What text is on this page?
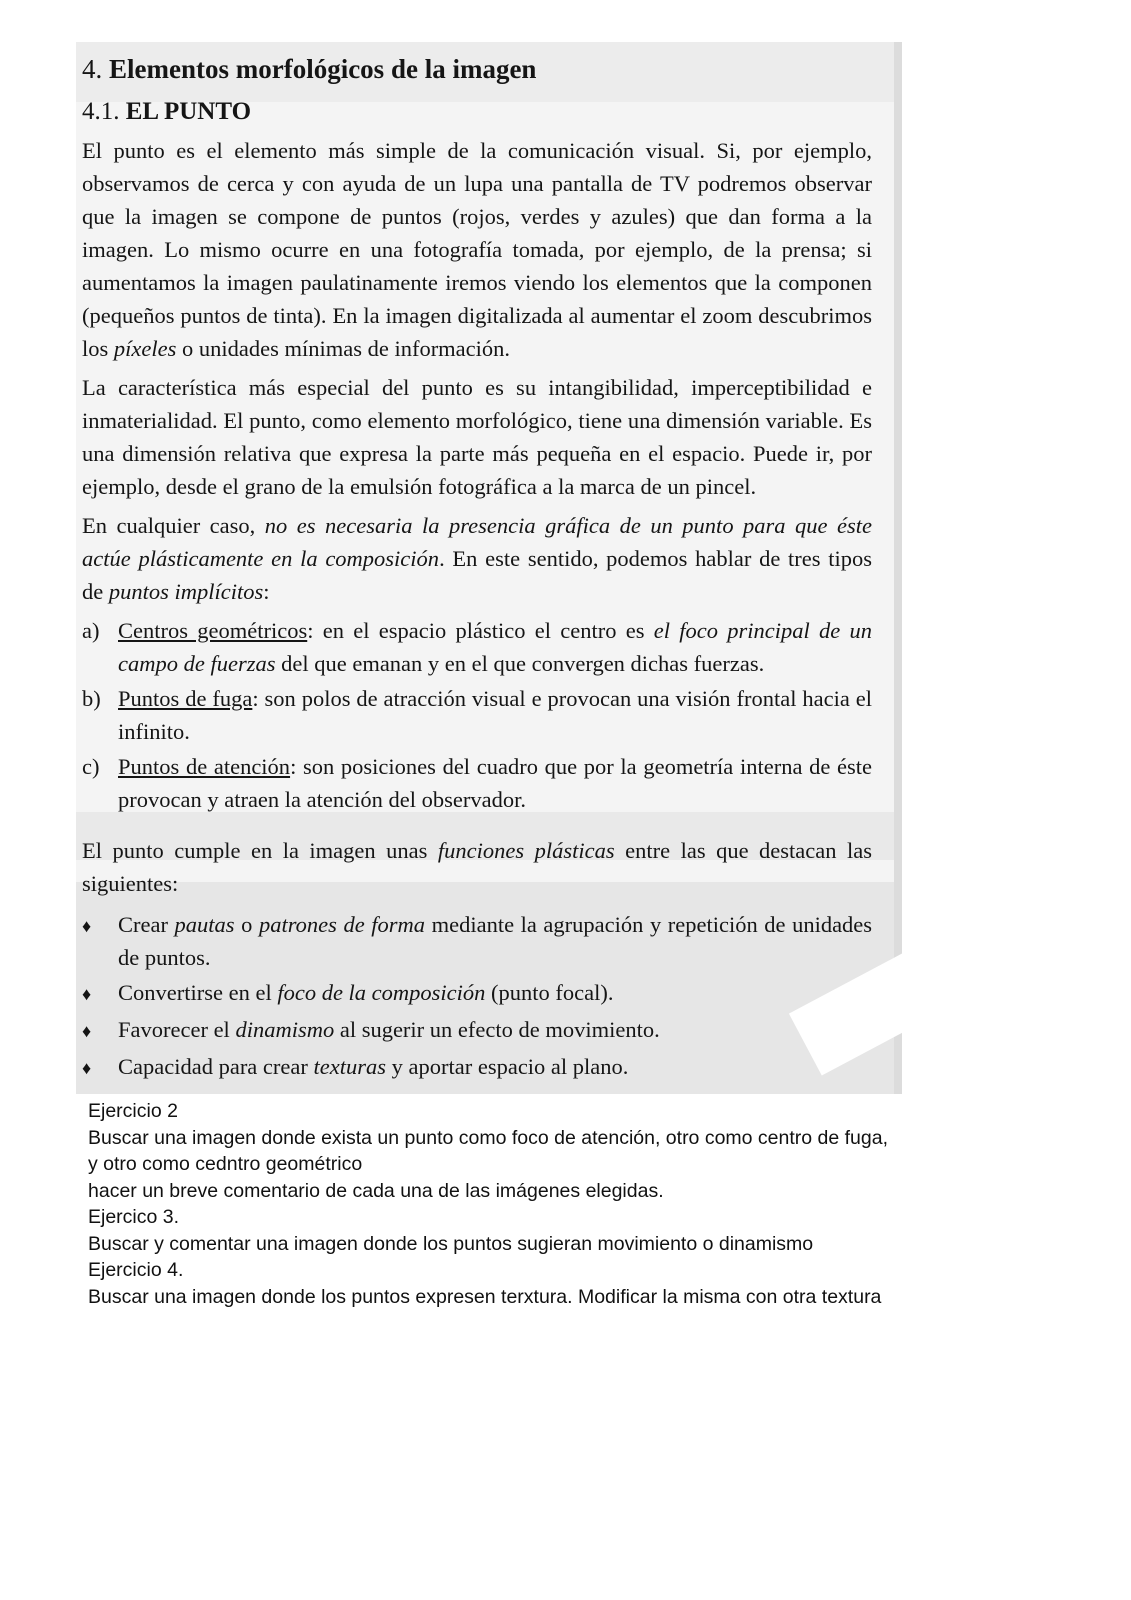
4. Elementos morfológicos de la imagen
4.1. EL PUNTO

El punto es el elemento más simple de la comunicación visual. Si, por ejemplo, observamos de cerca y con ayuda de un lupa una pantalla de TV podremos observar que la imagen se compone de puntos (rojos, verdes y azules) que dan forma a la imagen. Lo mismo ocurre en una fotografía tomada, por ejemplo, de la prensa; si aumentamos la imagen paulatinamente iremos viendo los elementos que la componen (pequeños puntos de tinta). En la imagen digitalizada al aumentar el zoom descubrimos los píxeles o unidades mínimas de información.

La característica más especial del punto es su intangibilidad, imperceptibilidad e inmaterialidad. El punto, como elemento morfológico, tiene una dimensión variable. Es una dimensión relativa que expresa la parte más pequeña en el espacio. Puede ir, por ejemplo, desde el grano de la emulsión fotográfica a la marca de un pincel.

En cualquier caso, no es necesaria la presencia gráfica de un punto para que éste actúe plásticamente en la composición. En este sentido, podemos hablar de tres tipos de puntos implícitos:

a) Centros geométricos: en el espacio plástico el centro es el foco principal de un campo de fuerzas del que emanan y en el que convergen dichas fuerzas.
b) Puntos de fuga: son polos de atracción visual e provocan una visión frontal hacia el infinito.
c) Puntos de atención: son posiciones del cuadro que por la geometría interna de éste provocan y atraen la atención del observador.

El punto cumple en la imagen unas funciones plásticas entre las que destacan las siguientes:

♦	Crear pautas o patrones de forma mediante la agrupación y repetición de unidades de puntos.
♦	Convertirse en el foco de la composición (punto focal).
♦	Favorecer el dinamismo al sugerir un efecto de movimiento.
♦	Capacidad para crear texturas y aportar espacio al plano.
Ejercicio 2
Buscar una imagen donde exista un punto como foco de atención, otro como centro de fuga,
y otro como cedntro geométrico
hacer un breve comentario de cada una de las imágenes elegidas.
Ejercico 3.
Buscar y comentar una imagen donde los puntos sugieran movimiento o dinamismo
Ejercicio 4.
Buscar una imagen donde los puntos expresen terxtura. Modificar la misma con otra textura
